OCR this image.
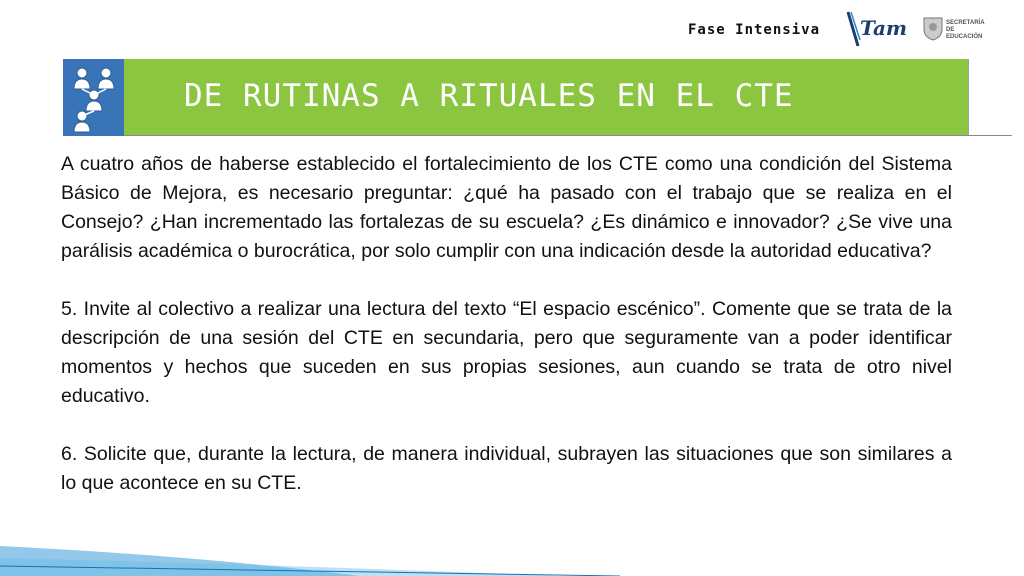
Fase Intensiva Tam	SECRETARÍA
DE EDUCACIÓN
DE RUTINAS A RITUALES EN EL CTE

A cuatro años de haberse establecido el fortalecimiento de los CTE como una condición del Sistema Básico de Mejora, es necesario preguntar: ¿qué ha pasado con el trabajo que se realiza en el Consejo? ¿Han incrementado las fortalezas de su escuela? ¿Es dinámico e innovador? ¿Se vive una parálisis académica o burocrática, por solo cumplir con una indicación desde la autoridad educativa?

5. Invite al colectivo a realizar una lectura del texto “El espacio escénico”. Comente que se trata de la descripción de una sesión del CTE en secundaria, pero que seguramente van a poder identificar momentos y hechos que suceden en sus propias sesiones, aun cuando se trata de otro nivel educativo.

6. Solicite que, durante la lectura, de manera individual, subrayen las situaciones que son similares a lo que acontece en su CTE.
